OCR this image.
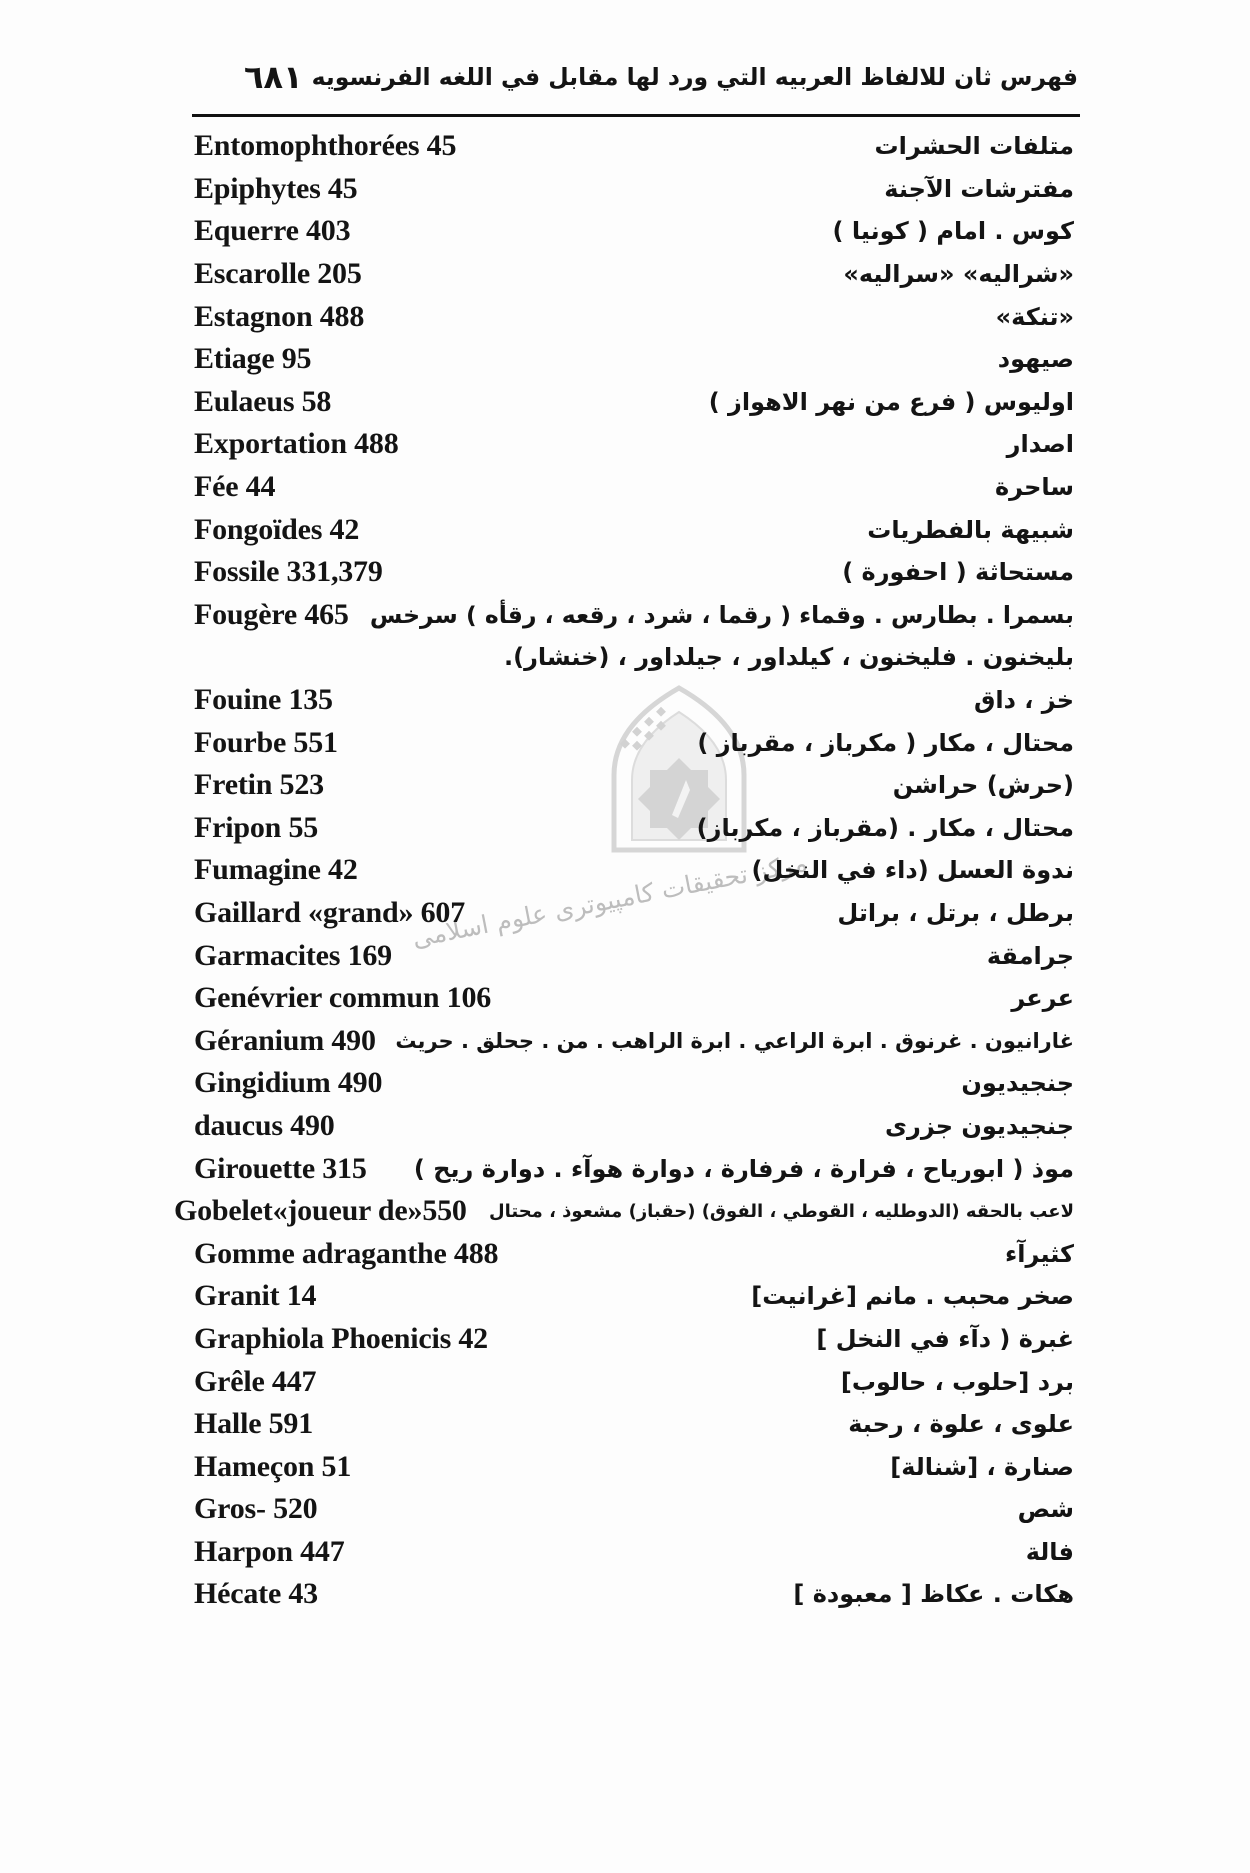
مرکز تحقیقات کامپیوتری علوم اسلامی
٦٨١ فهرس ثان للالفاظ العربيه التي ورد لها مقابل في اللغه الفرنسويه
Entomophthorées 45	متلفات الحشرات
Epiphytes 45	مفترشات الآجنة
Equerre 403	كوس . امام ( كونيا )
Escarolle 205	«شراليه» «سراليه»
Estagnon 488	«تنكة»
Etiage 95	صيهود
Eulaeus 58	اوليوس ( فرع من نهر الاهواز )
Exportation 488	اصدار
Fée 44	ساحرة
Fongoïdes 42	شبيهة بالفطريات
Fossile 331,379	مستحاثة ( احفورة )
Fougère 465 بسمرا . بطارس . وقماء ( رقما ، شرد ، رقعه ، رقأه ) سرخس
بليخنون . فليخنون ، كيلداور ، جيلداور ، (خنشار).
Fouine 135	خز ، داق
Fourbe 551	محتال ، مكار ( مكرباز ، مقرباز )
Fretin 523	(حرش) حراشن
Fripon 55	محتال ، مكار . (مقرباز ، مكرباز)
Fumagine 42	ندوة العسل (داء في النخل)
Gaillard «grand» 607	برطل ، برتل ، براتل
Garmacites 169	جرامقة
Genévrier commun 106	عرعر
Géranium 490 غارانيون . غرنوق . ابرة الراعي . ابرة الراهب . من . جحلق . حريث
Gingidium 490	جنجيديون
daucus 490	جنجيديون جزرى
Girouette 315 موذ ( ابورياح ، فرارة ، فرفارة ، دوارة هوآء . دوارة ريح )
Gobelet«joueur de»550 لاعب بالحقه (الدوطليه ، القوطي ، الفوق) (حقباز) مشعوذ ، محتال
Gomme adraganthe 488	كثيرآء
Granit 14	صخر محبب . مانم [غرانيت]
Graphiola Phoenicis 42	غبرة ( دآء في النخل ]
Grêle 447	برد [حلوب ، حالوب]
Halle 591	علوى ، علوة ، رحبة
Hameçon 51	صنارة ، [شنالة]
Gros- 520	شص
Harpon 447	فالة
Hécate 43	هكات . عكاظ [ معبودة ]
